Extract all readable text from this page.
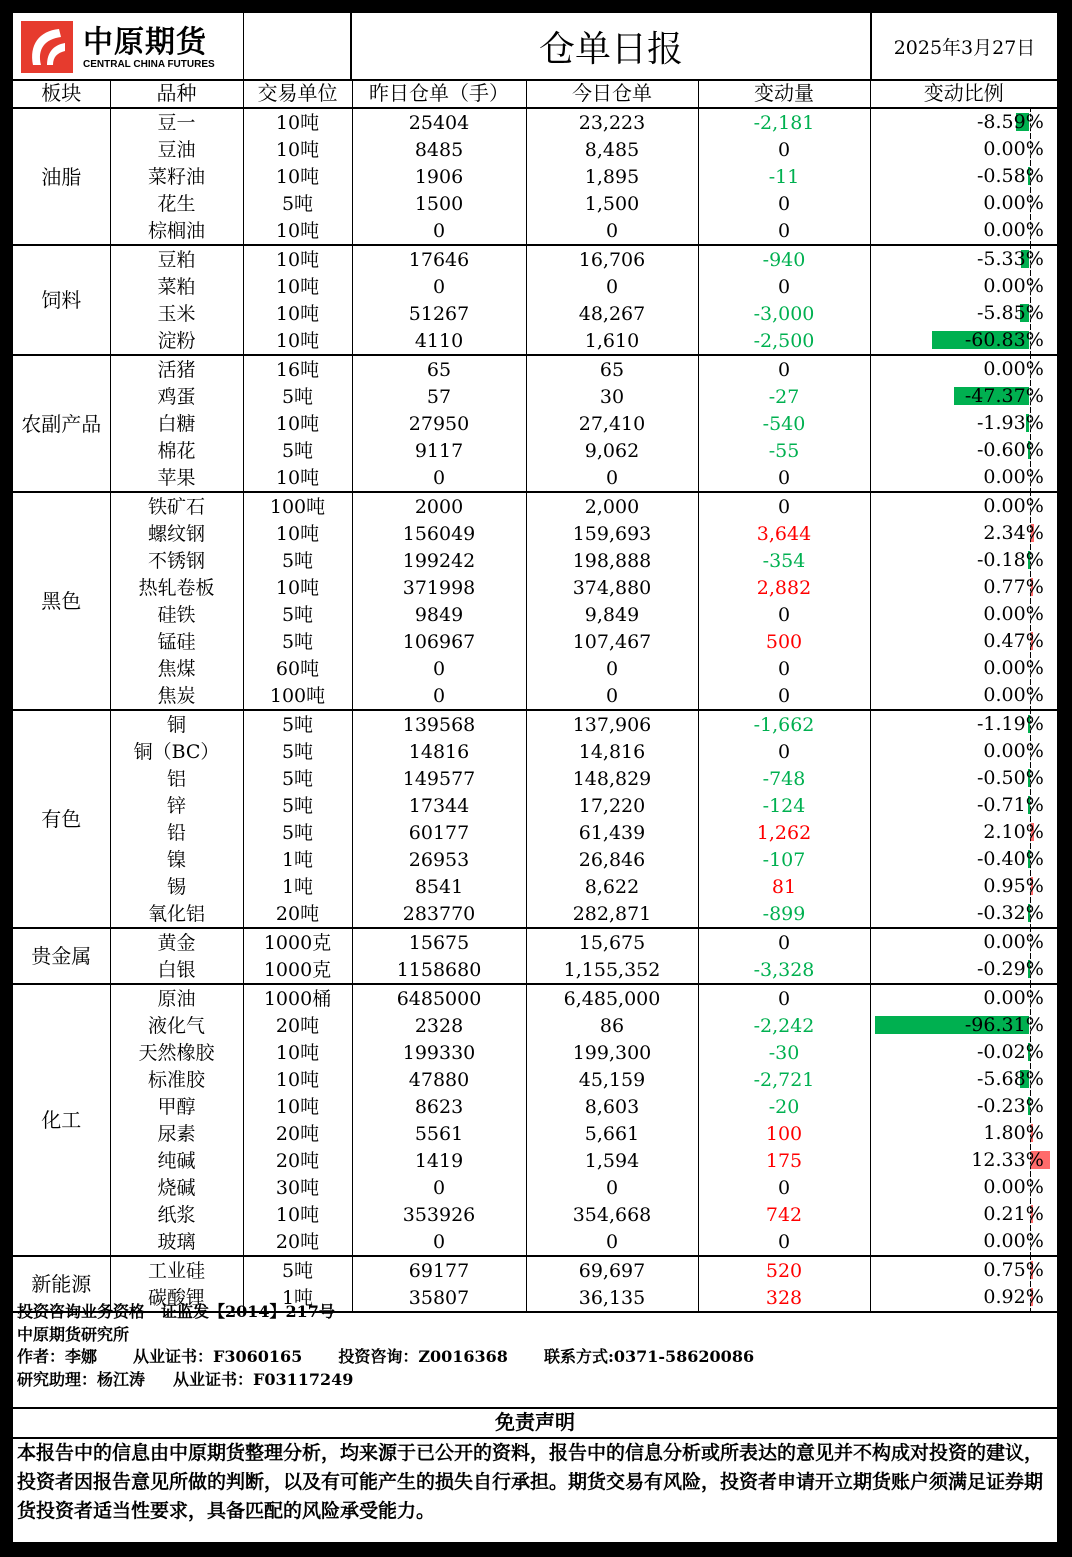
中原期货
CENTRAL CHINA FUTURES	仓单日报	2025年3月27日
板块	品种	交易单位	昨日仓单（手）	今日仓单	变动量	变动比例
油脂	豆一	10吨	25404	23,223	-2,181	-8.59%

	豆油	10吨	8485	8,485	0	0.00%

	菜籽油	10吨	1906	1,895	-11	-0.58%

	花生	5吨	1500	1,500	0	0.00%

	棕榈油	10吨	0	0	0	0.00%

饲料	豆粕	10吨	17646	16,706	-940	-5.33%

	菜粕	10吨	0	0	0	0.00%

	玉米	10吨	51267	48,267	-3,000	-5.85%

	淀粉	10吨	4110	1,610	-2,500	-60.83%

农副产品	活猪	16吨	65	65	0	0.00%

	鸡蛋	5吨	57	30	-27	-47.37%

	白糖	10吨	27950	27,410	-540	-1.93%

	棉花	5吨	9117	9,062	-55	-0.60%

	苹果	10吨	0	0	0	0.00%

黑色	铁矿石	100吨	2000	2,000	0	0.00%

	螺纹钢	10吨	156049	159,693	3,644	2.34%

	不锈钢	5吨	199242	198,888	-354	-0.18%

	热轧卷板	10吨	371998	374,880	2,882	0.77%

	硅铁	5吨	9849	9,849	0	0.00%

	锰硅	5吨	106967	107,467	500	0.47%

	焦煤	60吨	0	0	0	0.00%

	焦炭	100吨	0	0	0	0.00%

有色	铜	5吨	139568	137,906	-1,662	-1.19%

	铜（BC）	5吨	14816	14,816	0	0.00%

	铝	5吨	149577	148,829	-748	-0.50%

	锌	5吨	17344	17,220	-124	-0.71%

	铅	5吨	60177	61,439	1,262	2.10%

	镍	1吨	26953	26,846	-107	-0.40%

	锡	1吨	8541	8,622	81	0.95%

	氧化铝	20吨	283770	282,871	-899	-0.32%

贵金属	黄金	1000克	15675	15,675	0	0.00%

	白银	1000克	1158680	1,155,352	-3,328	-0.29%

化工	原油	1000桶	6485000	6,485,000	0	0.00%

	液化气	20吨	2328	86	-2,242	-96.31%

	天然橡胶	10吨	199330	199,300	-30	-0.02%

	标准胶	10吨	47880	45,159	-2,721	-5.68%

	甲醇	10吨	8623	8,603	-20	-0.23%

	尿素	20吨	5561	5,661	100	1.80%

	纯碱	20吨	1419	1,594	175	12.33%

	烧碱	30吨	0	0	0	0.00%

	纸浆	10吨	353926	354,668	742	0.21%

	玻璃	20吨	0	0	0	0.00%

新能源	工业硅	5吨	69177	69,697	520	0.75%

	碳酸锂	1吨	35807	36,135	328	0.92%
投资咨询业务资格　证监发【2014】217号
中原期货研究所
作者：李娜 从业证书：F3060165 投资咨询：Z0016368 联系方式:0371-58620086
研究助理：杨江涛 从业证书：F03117249
免责声明
本报告中的信息由中原期货整理分析，均来源于已公开的资料，报告中的信息分析或所表达的意见并不构成对投资的建议，投资者因报告意见所做的判断，以及有可能产生的损失自行承担。期货交易有风险，投资者申请开立期货账户须满足证券期货投资者适当性要求，具备匹配的风险承受能力。
